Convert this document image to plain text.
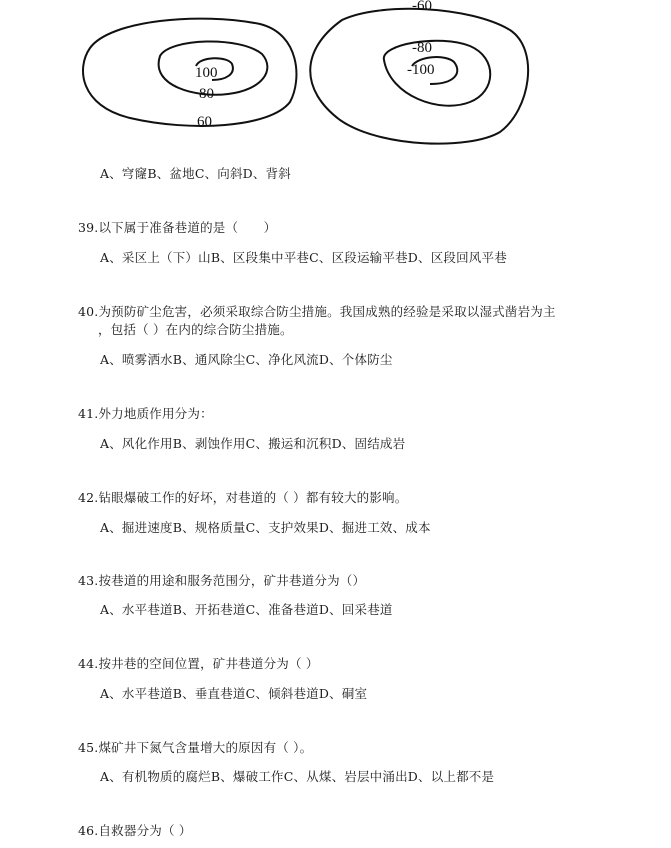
100
80
60
-60
-80
-100
A、穹窿B、盆地C、向斜D、背斜
39.以下属于准备巷道的是（　　）
A、采区上（下）山B、区段集中平巷C、区段运输平巷D、区段回风平巷
40.为预防矿尘危害，必须采取综合防尘措施。我国成熟的经验是采取以湿式凿岩为主
，包括（ ）在内的综合防尘措施。
A、喷雾洒水B、通风除尘C、净化风流D、个体防尘
41.外力地质作用分为：
A、风化作用B、剥蚀作用C、搬运和沉积D、固结成岩
42.钻眼爆破工作的好坏，对巷道的（ ）都有较大的影响。
A、掘进速度B、规格质量C、支护效果D、掘进工效、成本
43.按巷道的用途和服务范围分，矿井巷道分为（）
A、水平巷道B、开拓巷道C、准备巷道D、回采巷道
44.按井巷的空间位置，矿井巷道分为（ ）
A、水平巷道B、垂直巷道C、倾斜巷道D、硐室
45.煤矿井下氮气含量增大的原因有（ ）。
A、有机物质的腐烂B、爆破工作C、从煤、岩层中涌出D、以上都不是
46.自救器分为（ ）
